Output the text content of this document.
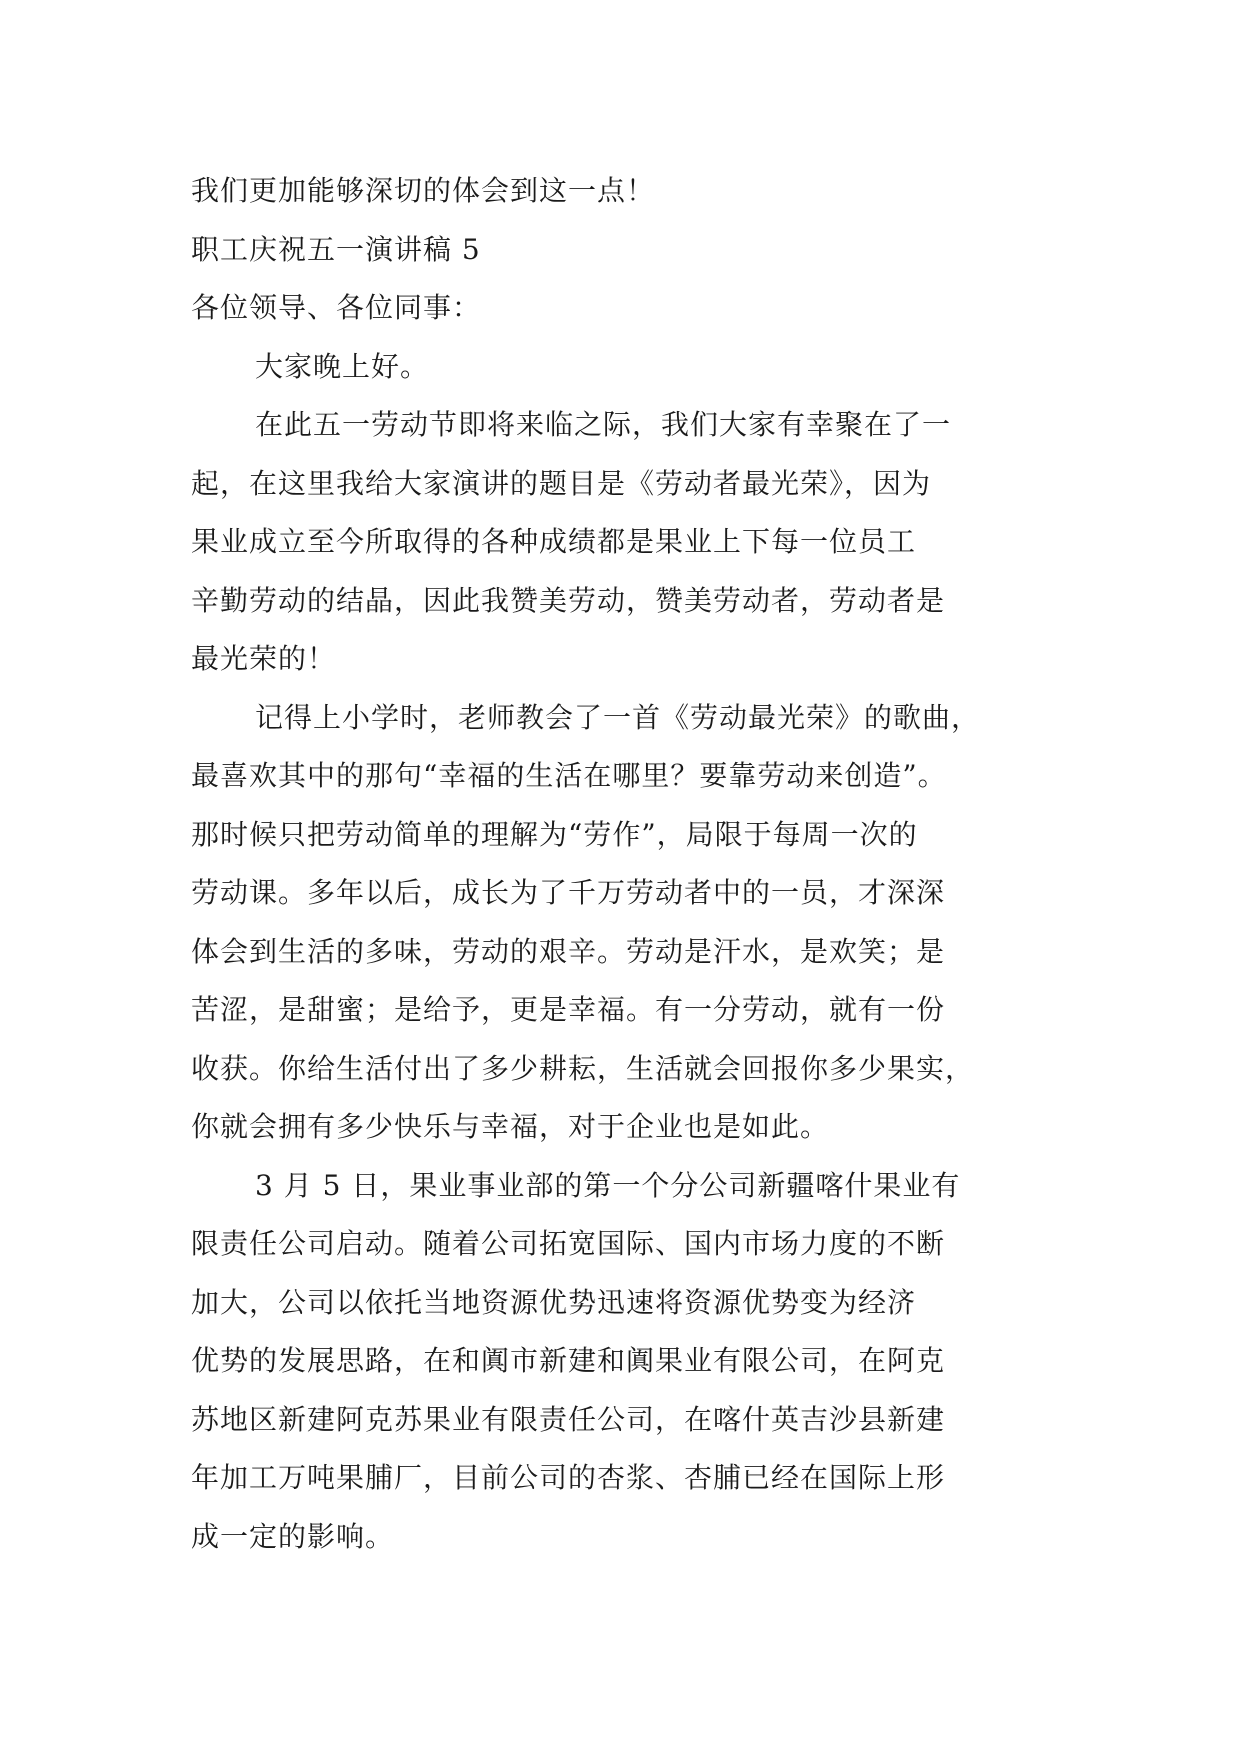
我们更加能够深切的体会到这一点！
职工庆祝五一演讲稿 5
各位领导、各位同事：
大家晚上好。
在此五一劳动节即将来临之际，我们大家有幸聚在了一
起，在这里我给大家演讲的题目是《劳动者最光荣》，因为
果业成立至今所取得的各种成绩都是果业上下每一位员工
辛勤劳动的结晶，因此我赞美劳动，赞美劳动者，劳动者是
最光荣的！
记得上小学时，老师教会了一首《劳动最光荣》的歌曲，
最喜欢其中的那句“幸福的生活在哪里？要靠劳动来创造”。
那时候只把劳动简单的理解为“劳作”，局限于每周一次的
劳动课。多年以后，成长为了千万劳动者中的一员，才深深
体会到生活的多味，劳动的艰辛。劳动是汗水，是欢笑；是
苦涩，是甜蜜；是给予，更是幸福。有一分劳动，就有一份
收获。你给生活付出了多少耕耘，生活就会回报你多少果实，
你就会拥有多少快乐与幸福，对于企业也是如此。
3 月 5 日，果业事业部的第一个分公司新疆喀什果业有
限责任公司启动。随着公司拓宽国际、国内市场力度的不断
加大，公司以依托当地资源优势迅速将资源优势变为经济
优势的发展思路，在和阗市新建和阗果业有限公司，在阿克
苏地区新建阿克苏果业有限责任公司，在喀什英吉沙县新建
年加工万吨果脯厂，目前公司的杏浆、杏脯已经在国际上形
成一定的影响。
